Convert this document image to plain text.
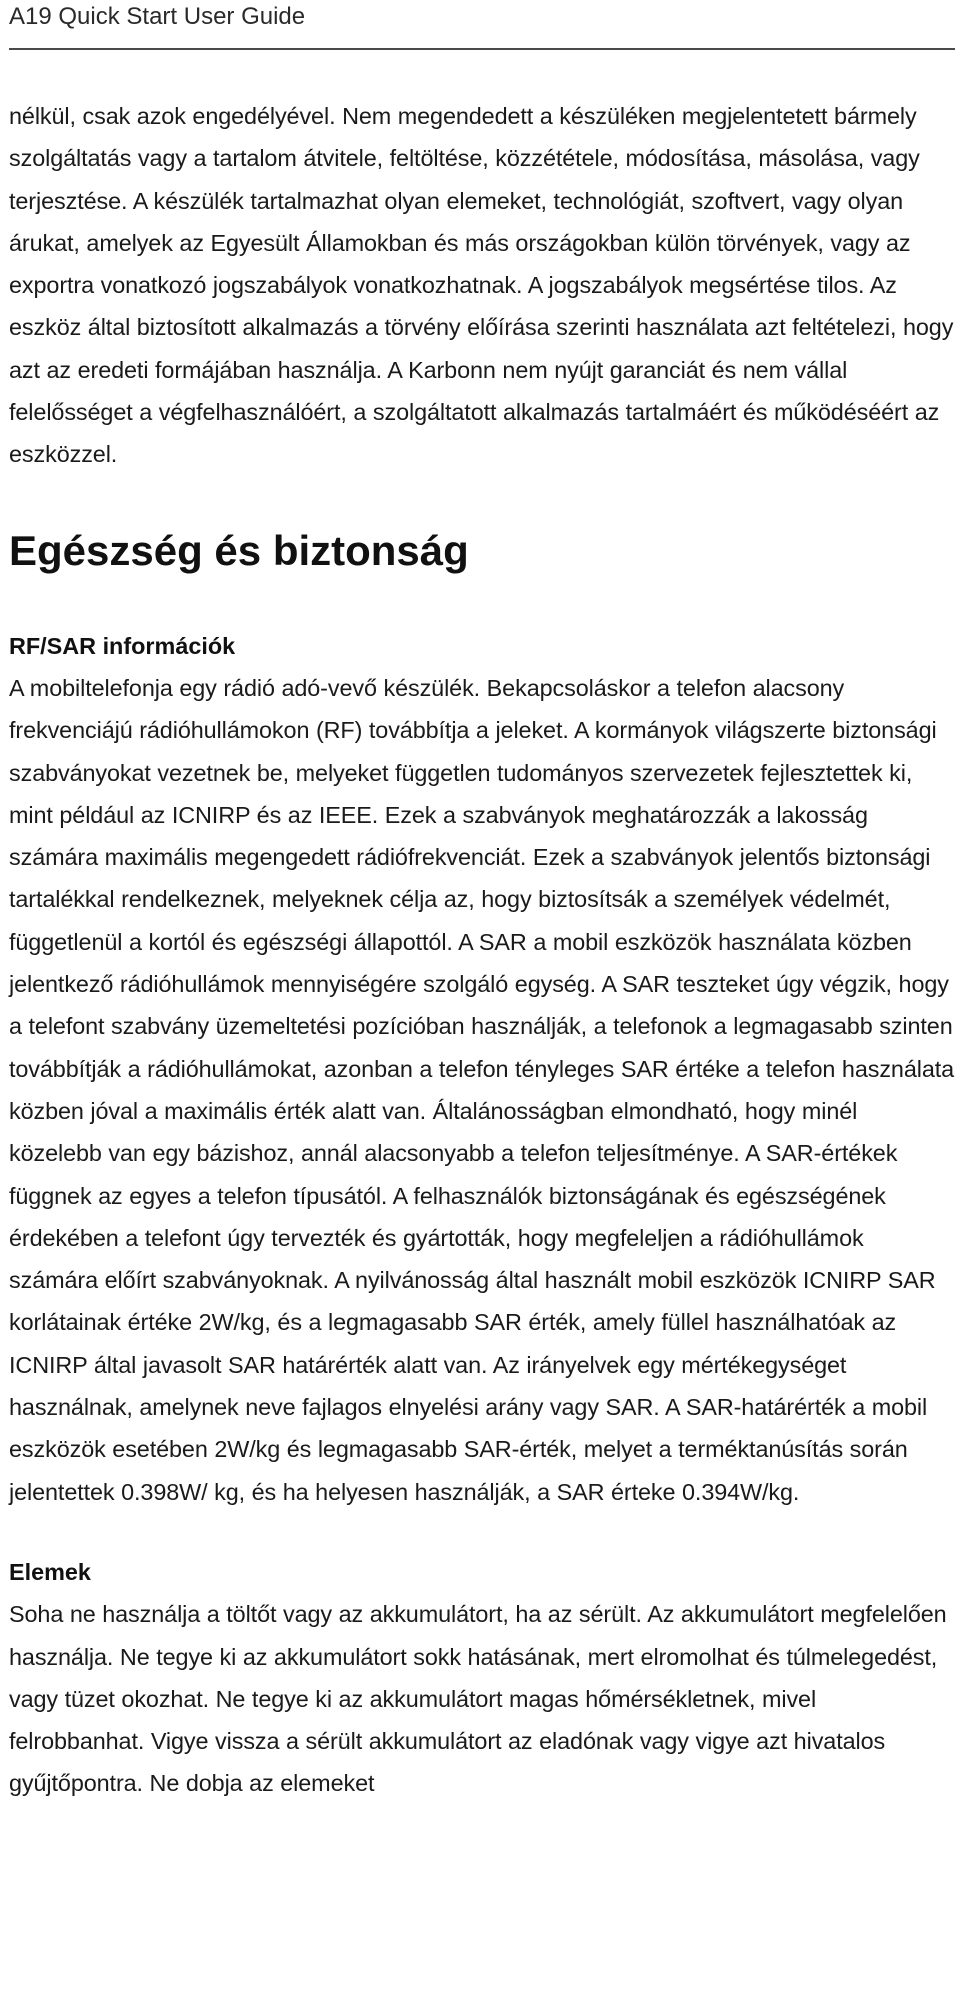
A19 Quick Start User Guide

nélkül, csak azok engedélyével. Nem megendedett a készüléken megjelentetett bármely szolgáltatás vagy a tartalom átvitele, feltöltése, közzététele, módosítása, másolása, vagy terjesztése. A készülék tartalmazhat olyan elemeket, technológiát, szoftvert, vagy olyan árukat, amelyek az Egyesült Államokban és más országokban külön törvények, vagy az exportra vonatkozó jogszabályok vonatkozhatnak. A jogszabályok megsértése tilos. Az eszköz által biztosított alkalmazás a törvény előírása szerinti használata azt feltételezi, hogy azt az eredeti formájában használja. A Karbonn nem nyújt garanciát és nem vállal felelősséget a végfelhasználóért, a szolgáltatott alkalmazás tartalmáért és működéséért az eszközzel.

Egészség és biztonság
RF/SAR információk

A mobiltelefonja egy rádió adó-vevő készülék. Bekapcsoláskor a telefon alacsony frekvenciájú rádióhullámokon (RF) továbbítja a jeleket. A kormányok világszerte biztonsági szabványokat vezetnek be, melyeket független tudományos szervezetek fejlesztettek ki, mint például az ICNIRP és az IEEE. Ezek a szabványok meghatározzák a lakosság számára maximális megengedett rádiófrekvenciát. Ezek a szabványok jelentős biztonsági tartalékkal rendelkeznek, melyeknek célja az, hogy biztosítsák a személyek védelmét, függetlenül a kortól és egészségi állapottól. A SAR a mobil eszközök használata közben jelentkező rádióhullámok mennyiségére szolgáló egység. A SAR teszteket úgy végzik, hogy a telefont szabvány üzemeltetési pozícióban használják, a telefonok a legmagasabb szinten továbbítják a rádióhullámokat, azonban a telefon tényleges SAR értéke a telefon használata közben jóval a maximális érték alatt van. Általánosságban elmondható, hogy minél közelebb van egy bázishoz, annál alacsonyabb a telefon teljesítménye. A SAR-értékek függnek az egyes a telefon típusától. A felhasználók biztonságának és egészségének érdekében a telefont úgy tervezték és gyártották, hogy megfeleljen a rádióhullámok számára előírt szabványoknak. A nyilvánosság által használt mobil eszközök ICNIRP SAR korlátainak értéke 2W/kg, és a legmagasabb SAR érték, amely füllel használhatóak az ICNIRP által javasolt SAR határérték alatt van. Az irányelvek egy mértékegységet használnak, amelynek neve fajlagos elnyelési arány vagy SAR. A SAR-határérték a mobil eszközök esetében 2W/kg és legmagasabb SAR-érték, melyet a terméktanúsítás során jelentettek 0.398W/ kg, és ha helyesen használják, a SAR érteke 0.394W/kg.

Elemek

Soha ne használja a töltőt vagy az akkumulátort, ha az sérült. Az akkumulátort megfelelően használja. Ne tegye ki az akkumulátort sokk hatásának, mert elromolhat és túlmelegedést, vagy tüzet okozhat. Ne tegye ki az akkumulátort magas hőmérsékletnek, mivel felrobbanhat. Vigye vissza a sérült akkumulátort az eladónak vagy vigye azt hivatalos gyűjtőpontra. Ne dobja az elemeket
